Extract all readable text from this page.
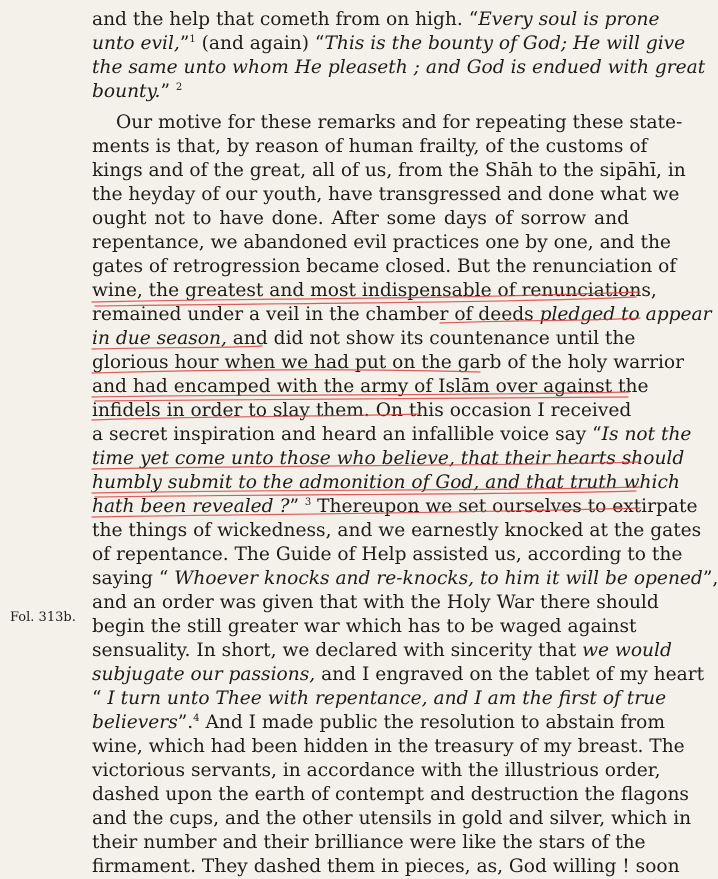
and the help that cometh from on high. “Every soul is prone
unto evil,”$^1$ (and again) “This is the bounty of God; He will give
the same unto whom He pleaseth ; and God is endued with great
bounty.” $^2$
Our motive for these remarks and for repeating these state-
ments is that, by reason of human frailty, of the customs of
kings and of the great, all of us, from the Shāh to the sipāhī, in
the heyday of our youth, have transgressed and done what we
ought not to have done. After some days of sorrow and
repentance, we abandoned evil practices one by one, and the
gates of retrogression became closed. But the renunciation of
wine, the greatest and most indispensable of renunciations,
remained under a veil in the chamber of deeds pledged to appear
in due season, and did not show its countenance until the
glorious hour when we had put on the garb of the holy warrior
and had encamped with the army of Islām over against the
infidels in order to slay them. On this occasion I received
a secret inspiration and heard an infallible voice say “Is not the
time yet come unto those who believe, that their hearts should
humbly submit to the admonition of God, and that truth which
hath been revealed ?” $^3$ Thereupon we set ourselves to extirpate
the things of wickedness, and we earnestly knocked at the gates
of repentance. The Guide of Help assisted us, according to the
saying “ Whoever knocks and re-knocks, to him it will be opened”,
and an order was given that with the Holy War there should
begin the still greater war which has to be waged against
sensuality. In short, we declared with sincerity that we would
subjugate our passions, and I engraved on the tablet of my heart
“ I turn unto Thee with repentance, and I am the first of true
believers”.$^4$ And I made public the resolution to abstain from
wine, which had been hidden in the treasury of my breast. The
victorious servants, in accordance with the illustrious order,
dashed upon the earth of contempt and destruction the flagons
and the cups, and the other utensils in gold and silver, which in
their number and their brilliance were like the stars of the
firmament. They dashed them in pieces, as, God willing ! soon
Fol. 313b.
